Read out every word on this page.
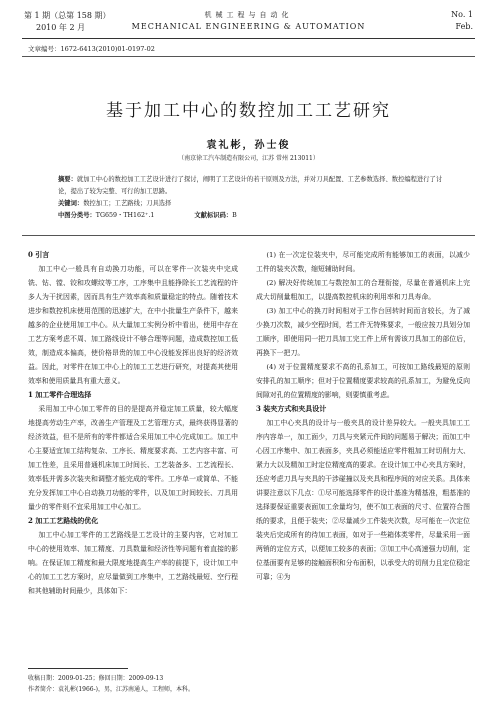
第 1 期（总第 158 期）
2010 年 2 月
机械工程与自动化
MECHANICAL ENGINEERING & AUTOMATION
No. 1
Feb.
文章编号：1672-6413(2010)01-0197-02
基于加工中心的数控加工工艺研究
袁礼彬，孙士俊
（南京徐工汽车制造有限公司，江苏 常州 213011）
摘要：就加工中心的数控加工工艺设计进行了探讨，阐明了工艺设计的若干原则及方法，并对刀具配置、工艺参数选择、数控编程进行了讨论，提出了较为完整、可行的加工思路。
关键词：数控加工；工艺路线；刀具选择
中图分类号：TG659・TH162⁺.1	文献标识码：B
0 引言

加工中心一般具有自动换刀功能，可以在零件一次装夹中完成铣、钻、镗、铰和攻螺纹等工序，工序集中且能挣除长工艺流程的许多人为干扰因素，因而具有生产效率高和质量稳定的特点。随着技术进步和数控机床使用范围的迅速扩大，在中小批量生产条件下，越来越多的企业使用加工中心。从大量加工实例分析中看出，使用中存在工艺方案考虑不周、加工路线设计不够合理等问题，造成数控加工低效，制造成本偏高，使价格昂贵的加工中心没能发挥出良好的经济效益。因此，对零件在加工中心上的加工工艺进行研究，对提高其使用效率和使用质量具有重大意义。

1 加工零件合理选择

采用加工中心加工零件的目的是提高并稳定加工质量，较大幅度地提高劳动生产率，改善生产管理及工艺管理方式，最终获得显著的经济效益，但不是所有的零件都适合采用加工中心完成加工。加工中心主要适宜加工结构复杂、工序长、精度要求高、工艺内容丰富、可加工性差，且采用普通机床加工时间长、工艺装备多、工艺流程长、效率低并需多次装夹和调整才能完成的零件。工序单一或简单、不能充分发挥加工中心自动换刀功能的零件，以及加工时间较长、刀具用量少的零件则不宜采用加工中心加工。

2 加工工艺路线的优化

加工中心加工零件的工艺路线是工艺设计的主要内容，它对加工中心的使用效率、加工精度、刀具数量和经济性等问题有着直接的影响。在保证加工精度和最大限度地提高生产率的前提下，设计加工中心的加工工艺方案时，应尽量做到工序集中，工艺路线最短、空行程和其他辅助时间最少，具体如下：

(1) 在一次定位装夹中，尽可能完成所有能够加工的表面，以减少工件的装夹次数，缩短辅助时间。

(2) 解决好传统加工与数控加工的合理衔接，尽量在普通机床上完成大切削量粗加工，以提高数控机床的利用率和刀具寿命。

(3) 加工中心的换刀时间相对于工作台回转时间而言较长，为了减少换刀次数，减少空程时间，若工件无特殊要求，一般应按刀具划分加工顺序，即使用同一把刀具加工完工件上所有需该刀具加工的部位后，再换下一把刀。

(4) 对于位置精度要求不高的孔系加工，可按加工路线最短的原则安排孔的加工顺序；但对于位置精度要求较高的孔系加工，为避免反向间隙对孔的位置精度的影响，则要慎重考虑。

3 装夹方式和夹具设计

加工中心夹具的设计与一般夹具的设计差异较大。一般夹具加工工序内容单一，加工面少，刀具与夹紧元件间的问题易于解决；而加工中心因工序集中、加工表面多，夹具必须能适应零件粗加工时切削力大、紧力大以及精加工时定位精度高的要求。在设计加工中心夹具方案时，还应考虑刀具与夹具的干涉碰撞以及夹具和程序间的对应关系。具体来讲要注意以下几点：①尽可能选择零件的设计基准为精基准，粗基准的选择要保证重要表面加工余量均匀，使不加工表面的尺寸、位置符合图纸的要求，且便于装夹；②尽量减少工件装夹次数，尽可能在一次定位装夹后完成所有的待加工表面，如对于一些箱体类零件，尽量采用一面两销的定位方式，以便加工较多的表面；③加工中心高速强力切削，定位基面要有足够的接触面积和分布面积，以承受大的切削力且定位稳定可靠；④为

收稿日期：2009-01-25；修回日期：2009-09-13
作者简介：袁礼彬(1966-)，男，江苏南通人，工程师，本科。
